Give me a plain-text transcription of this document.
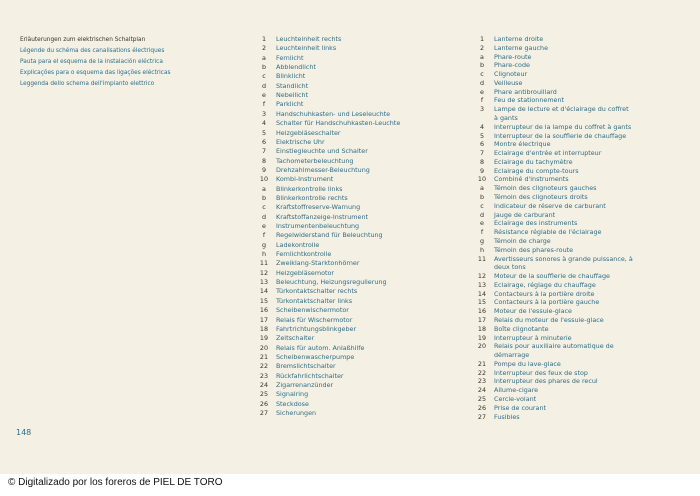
Erläuterungen zum elektrischen Schaltplan
Légende du schéma des canalisations électriques
Pauta para el esquema de la instalación eléctrica
Explicações para o esquema das ligações eléctricas
Leggenda dello schema dell'impianto elettrico
1	Leuchteinheit rechts
2	Leuchteinheit links
a	Fernlicht
b	Abblendlicht
c	Blinklicht
d	Standlicht
e	Nebellicht
f	Parklicht
3	Handschuhkasten- und Leseleuchte
4	Schalter für Handschuhkasten-Leuchte
5	Heizgebläseschalter
6	Elektrische Uhr
7	Einstiegleuchte und Schalter
8	Tachometerbeleuchtung
9	Drehzahlmesser-Beleuchtung
10	Kombi-Instrument
a	Blinkerkontrolle links
b	Blinkerkontrolle rechts
c	Kraftstoffreserve-Warnung
d	Kraftstoffanzeige-Instrument
e	Instrumentenbeleuchtung
f	Regelwiderstand für Beleuchtung
g	Ladekontrolle
h	Fernlichtkontrolle
11	Zweiklang-Starktonhörner
12	Heizgebläsemotor
13	Beleuchtung, Heizungsregulierung
14	Türkontaktschalter rechts
15	Türkontaktschalter links
16	Scheibenwischermotor
17	Relais für Wischermotor
18	Fahrtrichtungsblinkgeber
19	Zeitschalter
20	Relais für autom. Anlaßhilfe
21	Scheibenwascherpumpe
22	Bremslichtschalter
23	Rückfahrlichtschalter
24	Zigarrenanzünder
25	Signalring
26	Steckdose
27	Sicherungen
1	Lanterne droite
2	Lanterne gauche
a	Phare-route
b	Phare-code
c	Clignoteur
d	Veilleuse
e	Phare antibrouillard
f	Feu de stationnement
3	Lampe de lecture et d'éclairage du coffret
à gants
4	Interrupteur de la lampe du coffret à gants
5	Interrupteur de la soufflerie de chauffage
6	Montre électrique
7	Eclairage d'entrée et interrupteur
8	Eclairage du tachymètre
9	Eclairage du compte-tours
10	Combiné d'instruments
a	Témoin des clignoteurs gauches
b	Témoin des clignoteurs droits
c	Indicateur de réserve de carburant
d	Jauge de carburant
e	Eclairage des instruments
f	Résistance réglable de l'éclairage
g	Témoin de charge
h	Témoin des phares-route
11	Avertisseurs sonores à grande puissance, à
deux tons
12	Moteur de la soufflerie de chauffage
13	Eclairage, réglage du chauffage
14	Contacteurs à la portière droite
15	Contacteurs à la portière gauche
16	Moteur de l'essuie-glace
17	Relais du moteur de l'essuie-glace
18	Boîte clignotante
19	Interrupteur à minuterie
20	Relais pour auxiliaire automatique de
démarrage
21	Pompe du lave-glace
22	Interrupteur des feux de stop
23	Interrupteur des phares de recul
24	Allume-cigare
25	Cercle-volant
26	Prise de courant
27	Fusibles
148
© Digitalizado por los foreros de PIEL DE TORO
